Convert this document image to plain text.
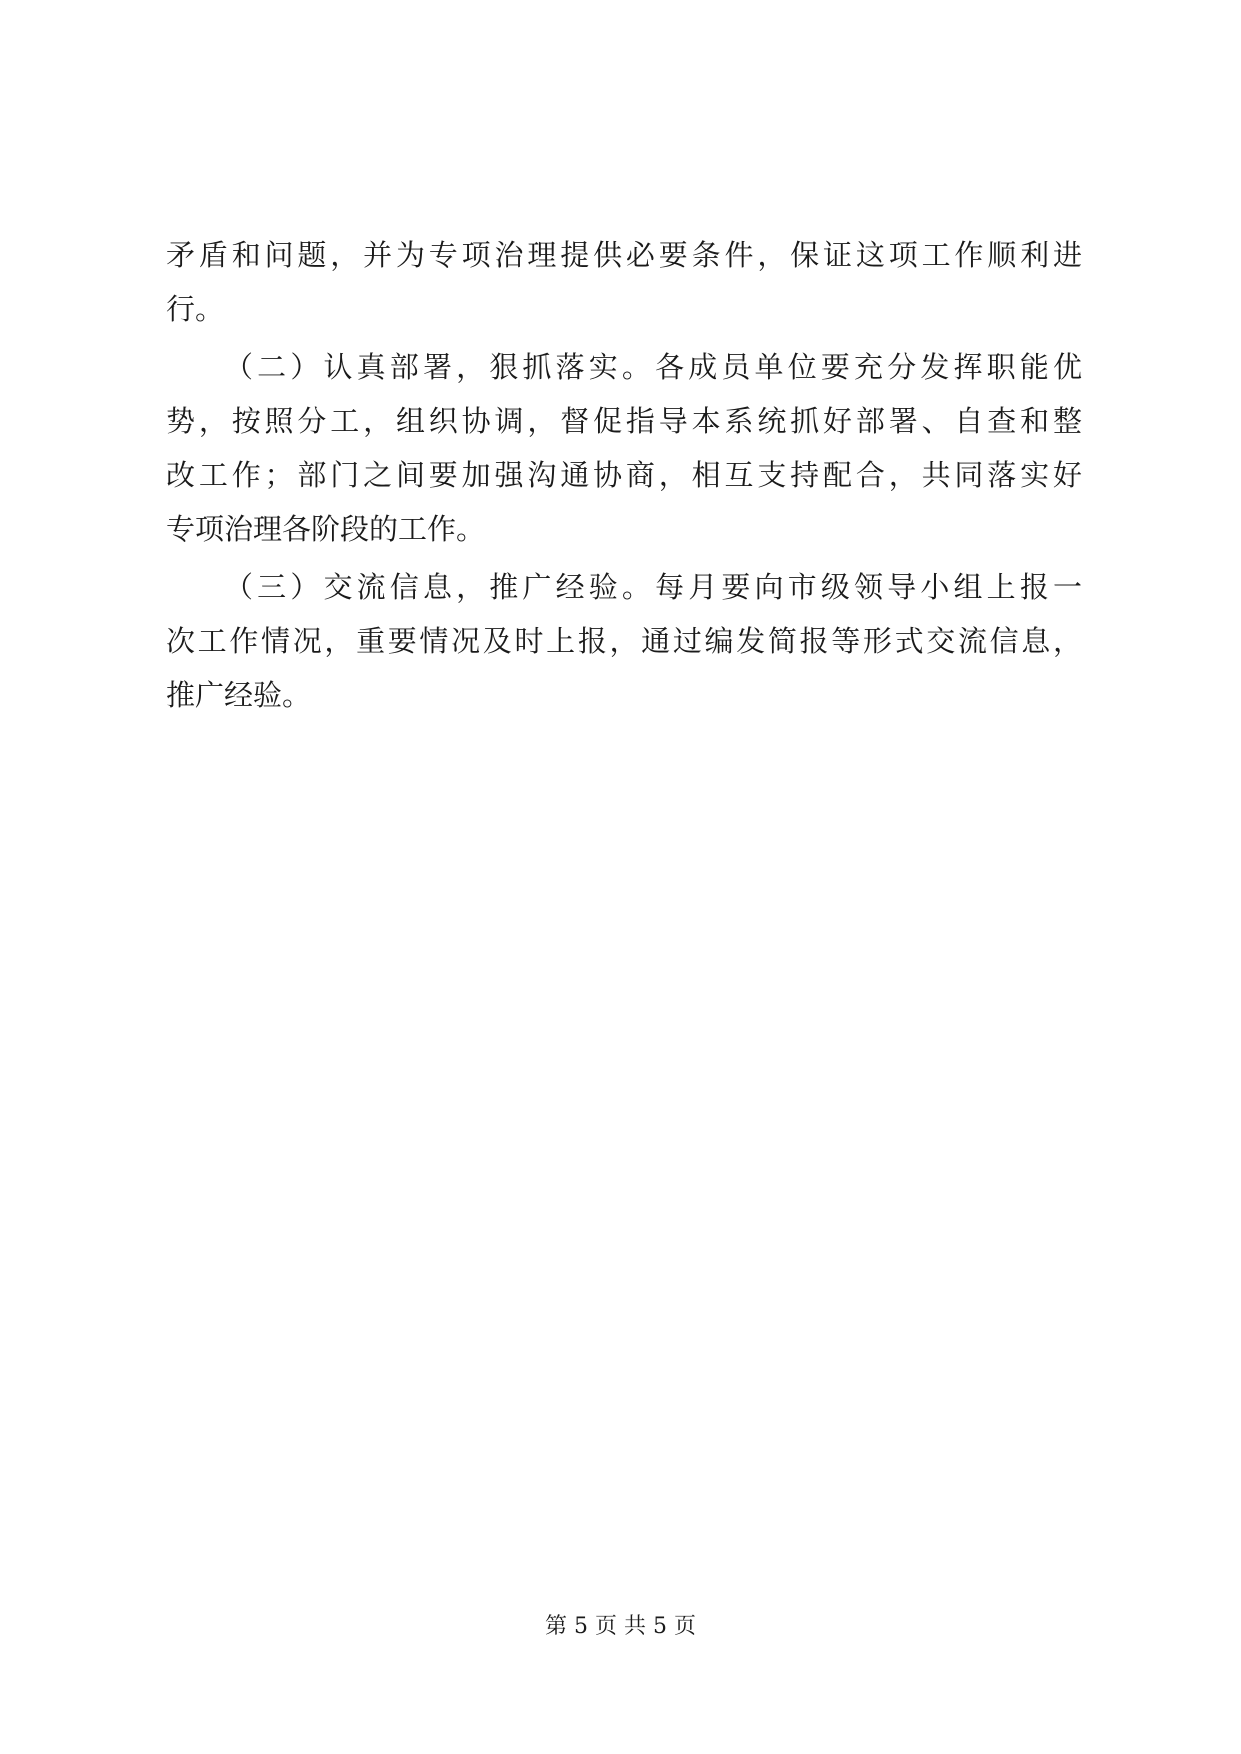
矛盾和问题，并为专项治理提供必要条件，保证这项工作顺利进
行。
（二）认真部署，狠抓落实。各成员单位要充分发挥职能优
势，按照分工，组织协调，督促指导本系统抓好部署、自查和整
改工作；部门之间要加强沟通协商，相互支持配合，共同落实好
专项治理各阶段的工作。
（三）交流信息，推广经验。每月要向市级领导小组上报一
次工作情况，重要情况及时上报，通过编发简报等形式交流信息，
推广经验。
第 5 页 共 5 页
